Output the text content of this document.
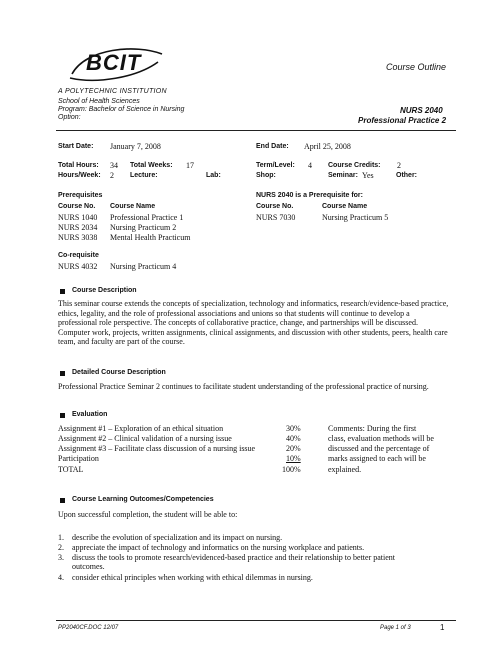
BCIT
A POLYTECHNIC INSTITUTION
School of Health Sciences
Program: Bachelor of Science in Nursing
Option:
Course Outline
NURS 2040
Professional Practice 2
Start Date: January 7, 2008	End Date: April 25, 2008
Total Hours: 34 Total Weeks: 17	Term/Level: 4 Course Credits: 2
Hours/Week: 2 Lecture:	Lab:	Shop:	Seminar: Yes	Other:
Prerequisites
Course No. Course Name
NURS 1040 Professional Practice 1
NURS 2034 Nursing Practicum 2
NURS 3038 Mental Health Practicum
NURS 2040 is a Prerequisite for:
Course No.	Course Name
NURS 7030	Nursing Practicum 5
Co-requisite
NURS 4032 Nursing Practicum 4
Course Description
This seminar course extends the concepts of specialization, technology and informatics, research/evidence-based practice, ethics, legality, and the role of professional associations and unions so that students will continue to develop a professional role perspective. The concepts of collaborative practice, change, and partnerships will be discussed. Computer work, projects, written assignments, clinical assignments, and discussion with other students, peers, health care team, and faculty are part of the course.
Detailed Course Description
Professional Practice Seminar 2 continues to facilitate student understanding of the professional practice of nursing.
Evaluation
Assignment #1 – Exploration of an ethical situation	30%
Assignment #2 – Clinical validation of a nursing issue	40%
Assignment #3 – Facilitate class discussion of a nursing issue	20%
Participation	10%
TOTAL	100%
Comments: During the first
class, evaluation methods will be
discussed and the percentage of
marks assigned to each will be
explained.
Course Learning Outcomes/Competencies
Upon successful completion, the student will be able to:
1. describe the evolution of specialization and its impact on nursing.
2. appreciate the impact of technology and informatics on the nursing workplace and patients.
3. discuss the tools to promote research/evidenced-based practice and their relationship to better patient
outcomes.
4. consider ethical principles when working with ethical dilemmas in nursing.
PP2040CF.DOC 12/07	Page 1 of 3	1
